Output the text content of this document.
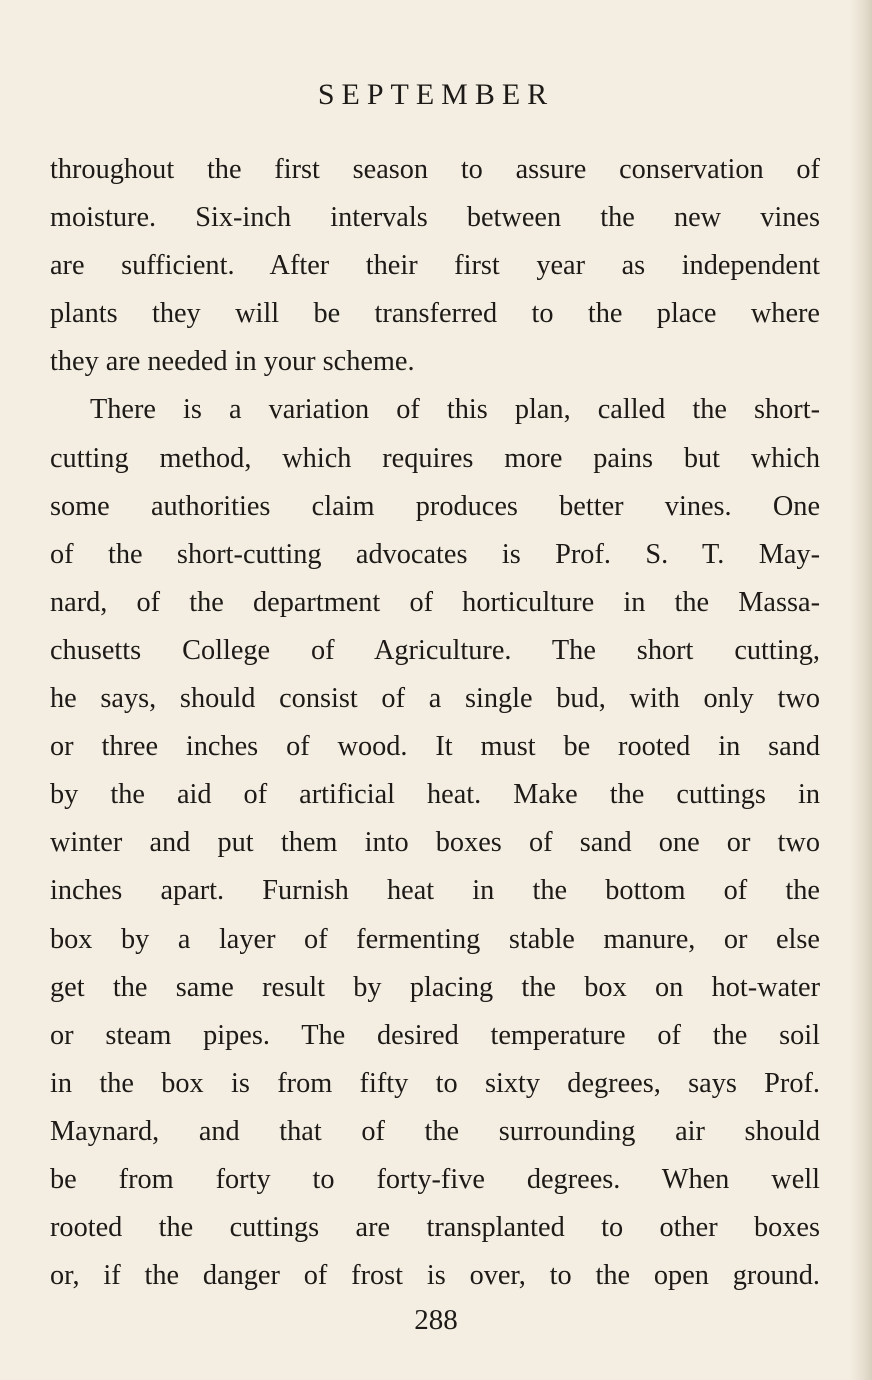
SEPTEMBER
throughout the first season to assure conservation of
moisture. Six-inch intervals between the new vines
are sufficient. After their first year as independent
plants they will be transferred to the place where
they are needed in your scheme.
There is a variation of this plan, called the short-
cutting method, which requires more pains but which
some authorities claim produces better vines. One
of the short-cutting advocates is Prof. S. T. May-
nard, of the department of horticulture in the Massa-
chusetts College of Agriculture. The short cutting,
he says, should consist of a single bud, with only two
or three inches of wood. It must be rooted in sand
by the aid of artificial heat. Make the cuttings in
winter and put them into boxes of sand one or two
inches apart. Furnish heat in the bottom of the
box by a layer of fermenting stable manure, or else
get the same result by placing the box on hot-water
or steam pipes. The desired temperature of the soil
in the box is from fifty to sixty degrees, says Prof.
Maynard, and that of the surrounding air should
be from forty to forty-five degrees. When well
rooted the cuttings are transplanted to other boxes
or, if the danger of frost is over, to the open ground.
288
